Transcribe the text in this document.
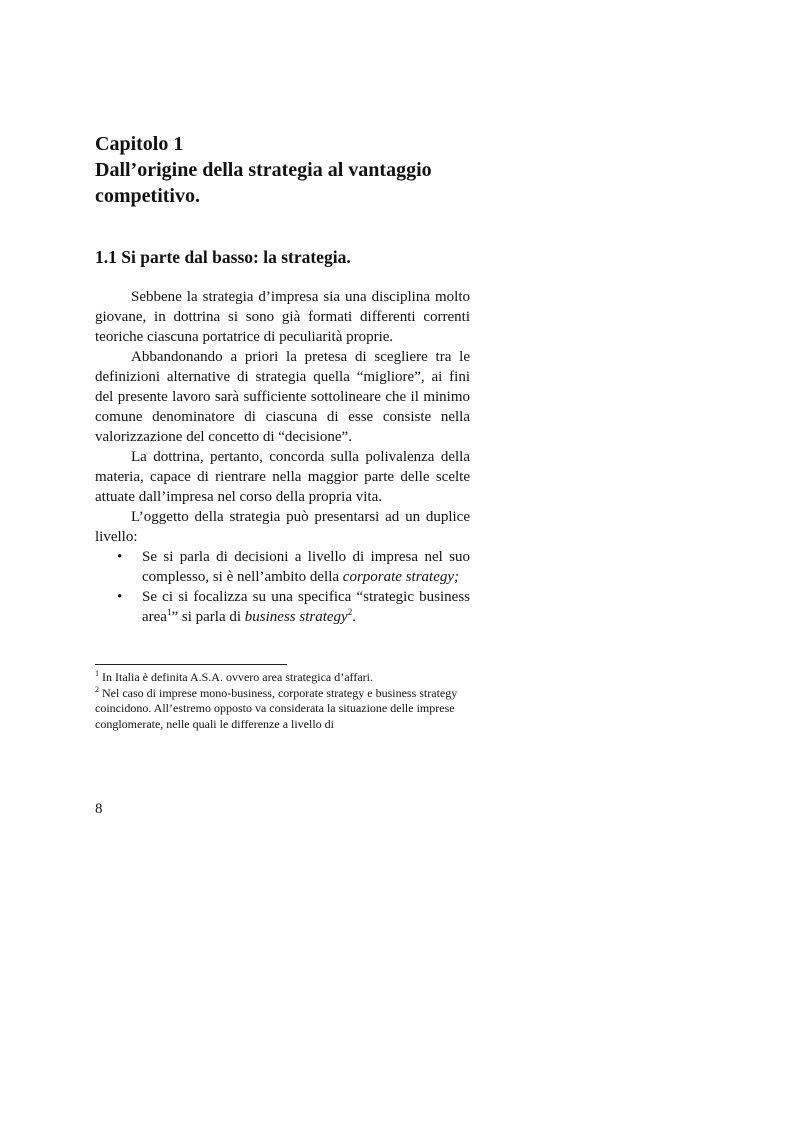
Capitolo 1
Dall’origine della strategia al vantaggio competitivo.
1.1 Si parte dal basso: la strategia.

Sebbene la strategia d’impresa sia una disciplina molto giovane, in dottrina si sono già formati differenti correnti teoriche ciascuna portatrice di peculiarità proprie.

Abbandonando a priori la pretesa di scegliere tra le definizioni alternative di strategia quella “migliore”, ai fini del presente lavoro sarà sufficiente sottolineare che il minimo comune denominatore di ciascuna di esse consiste nella valorizzazione del concetto di “decisione”.

La dottrina, pertanto, concorda sulla polivalenza della materia, capace di rientrare nella maggior parte delle scelte attuate dall’impresa nel corso della propria vita.

L’oggetto della strategia può presentarsi ad un duplice livello:

• Se si parla di decisioni a livello di impresa nel suo complesso, si è nell’ambito della corporate strategy;
• Se ci si focalizza su una specifica “strategic business area$^1$” si parla di business strategy$^2$.

$^1$ In Italia è definita A.S.A. ovvero area strategica d’affari.

$^2$ Nel caso di imprese mono-business, corporate strategy e business strategy coincidono. All’estremo opposto va considerata la situazione delle imprese conglomerate, nelle quali le differenze a livello di

8
